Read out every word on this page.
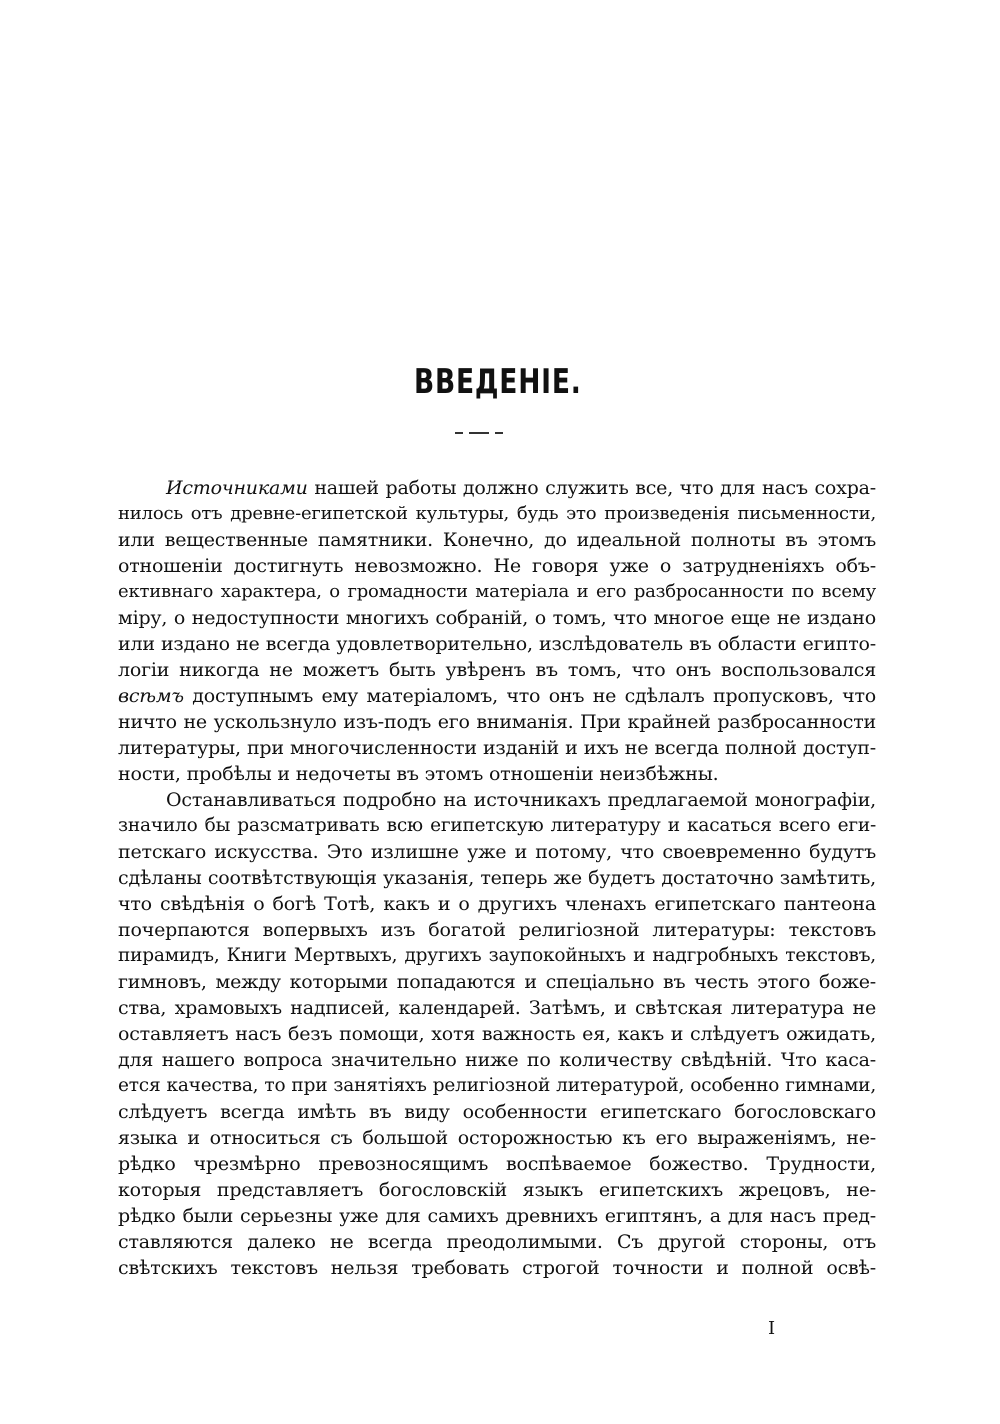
ВВЕДЕНІЕ.
Источниками нашей работы должно служить все, что для насъ сохра-
нилось отъ древне-египетской культуры, будь это произведенія письменности,
или вещественные памятники. Конечно, до идеальной полноты въ этомъ
отношеніи достигнуть невозможно. Не говоря уже о затрудненіяхъ объ-
ективнаго характера, о громадности матеріала и его разбросанности по всему
міру, о недоступности многихъ собраній, о томъ, что многое еще не издано
или издано не всегда удовлетворительно, изслѣдователь въ области египто-
логіи никогда не можетъ быть увѣренъ въ томъ, что онъ воспользовался
всѣмъ доступнымъ ему матеріаломъ, что онъ не сдѣлалъ пропусковъ, что
ничто не ускользнуло изъ-подъ его вниманія. При крайней разбросанности
литературы, при многочисленности изданій и ихъ не всегда полной доступ-
ности, пробѣлы и недочеты въ этомъ отношеніи неизбѣжны.
Останавливаться подробно на источникахъ предлагаемой монографіи,
значило бы разсматривать всю египетскую литературу и касаться всего еги-
петскаго искусства. Это излишне уже и потому, что своевременно будутъ
сдѣланы соотвѣтствующія указанія, теперь же будетъ достаточно замѣтить,
что свѣдѣнія о богѣ Тотѣ, какъ и о другихъ членахъ египетскаго пантеона
почерпаются вопервыхъ изъ богатой религіозной литературы: текстовъ
пирамидъ, Книги Мертвыхъ, другихъ заупокойныхъ и надгробныхъ текстовъ,
гимновъ, между которыми попадаются и спеціально въ честь этого боже-
ства, храмовыхъ надписей, календарей. Затѣмъ, и свѣтская литература не
оставляетъ насъ безъ помощи, хотя важность ея, какъ и слѣдуетъ ожидать,
для нашего вопроса значительно ниже по количеству свѣдѣній. Что каса-
ется качества, то при занятіяхъ религіозной литературой, особенно гимнами,
слѣдуетъ всегда имѣть въ виду особенности египетскаго богословскаго
языка и относиться съ большой осторожностью къ его выраженіямъ, не-
рѣдко чрезмѣрно превозносящимъ воспѣваемое божество. Трудности,
которыя представляетъ богословскій языкъ египетскихъ жрецовъ, не-
рѣдко были серьезны уже для самихъ древнихъ египтянъ, а для насъ пред-
ставляются далеко не всегда преодолимыми. Съ другой стороны, отъ
свѣтскихъ текстовъ нельзя требовать строгой точности и полной освѣ-
I
